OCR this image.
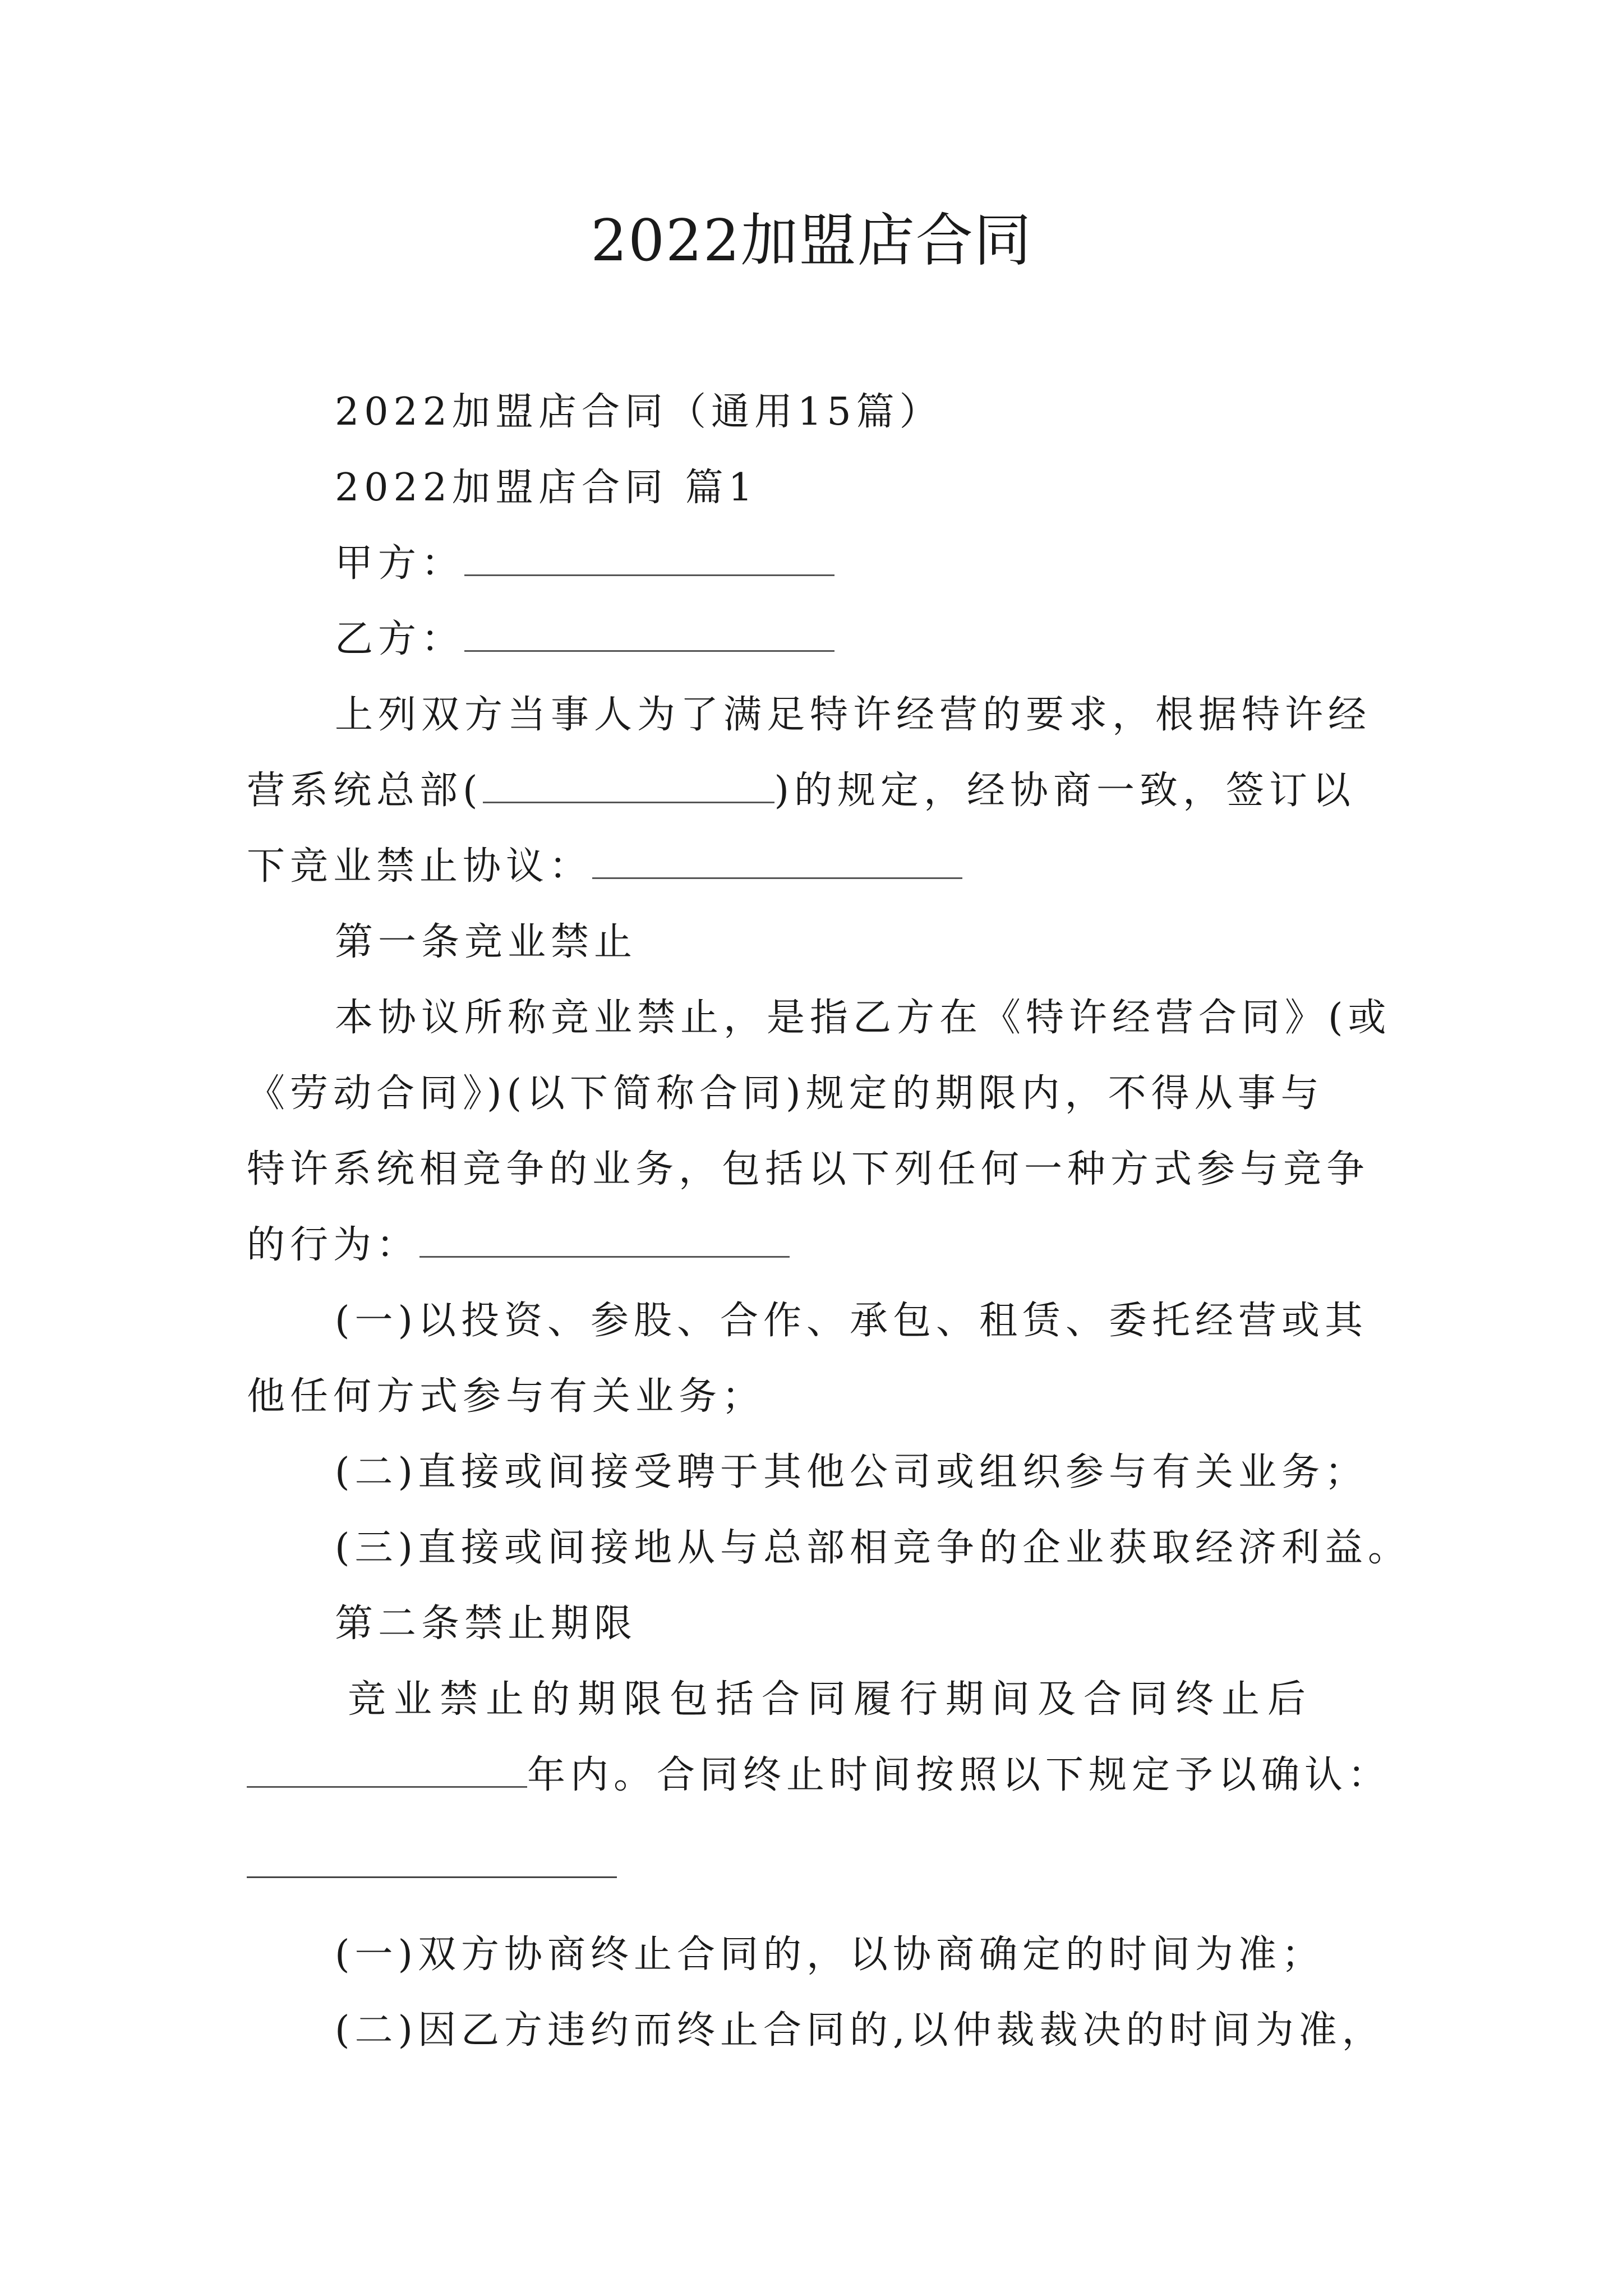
2022加盟店合同
2022加盟店合同（通用15篇）
2022加盟店合同 篇1
甲方：
乙方：
上列双方当事人为了满足特许经营的要求，根据特许经
营系统总部(	)的规定，经协商一致，签订以
下竞业禁止协议：
第一条竞业禁止
本协议所称竞业禁止，是指乙方在《特许经营合同》(或
《劳动合同》)(以下简称合同)规定的期限内，不得从事与
特许系统相竞争的业务，包括以下列任何一种方式参与竞争
的行为：
(一)以投资、参股、合作、承包、租赁、委托经营或其
他任何方式参与有关业务；
(二)直接或间接受聘于其他公司或组织参与有关业务；
(三)直接或间接地从与总部相竞争的企业获取经济利益。
第二条禁止期限
竞业禁止的期限包括合同履行期间及合同终止后
年内。合同终止时间按照以下规定予以确认：
(一)双方协商终止合同的，以协商确定的时间为准；
(二)因乙方违约而终止合同的,以仲裁裁决的时间为准，
